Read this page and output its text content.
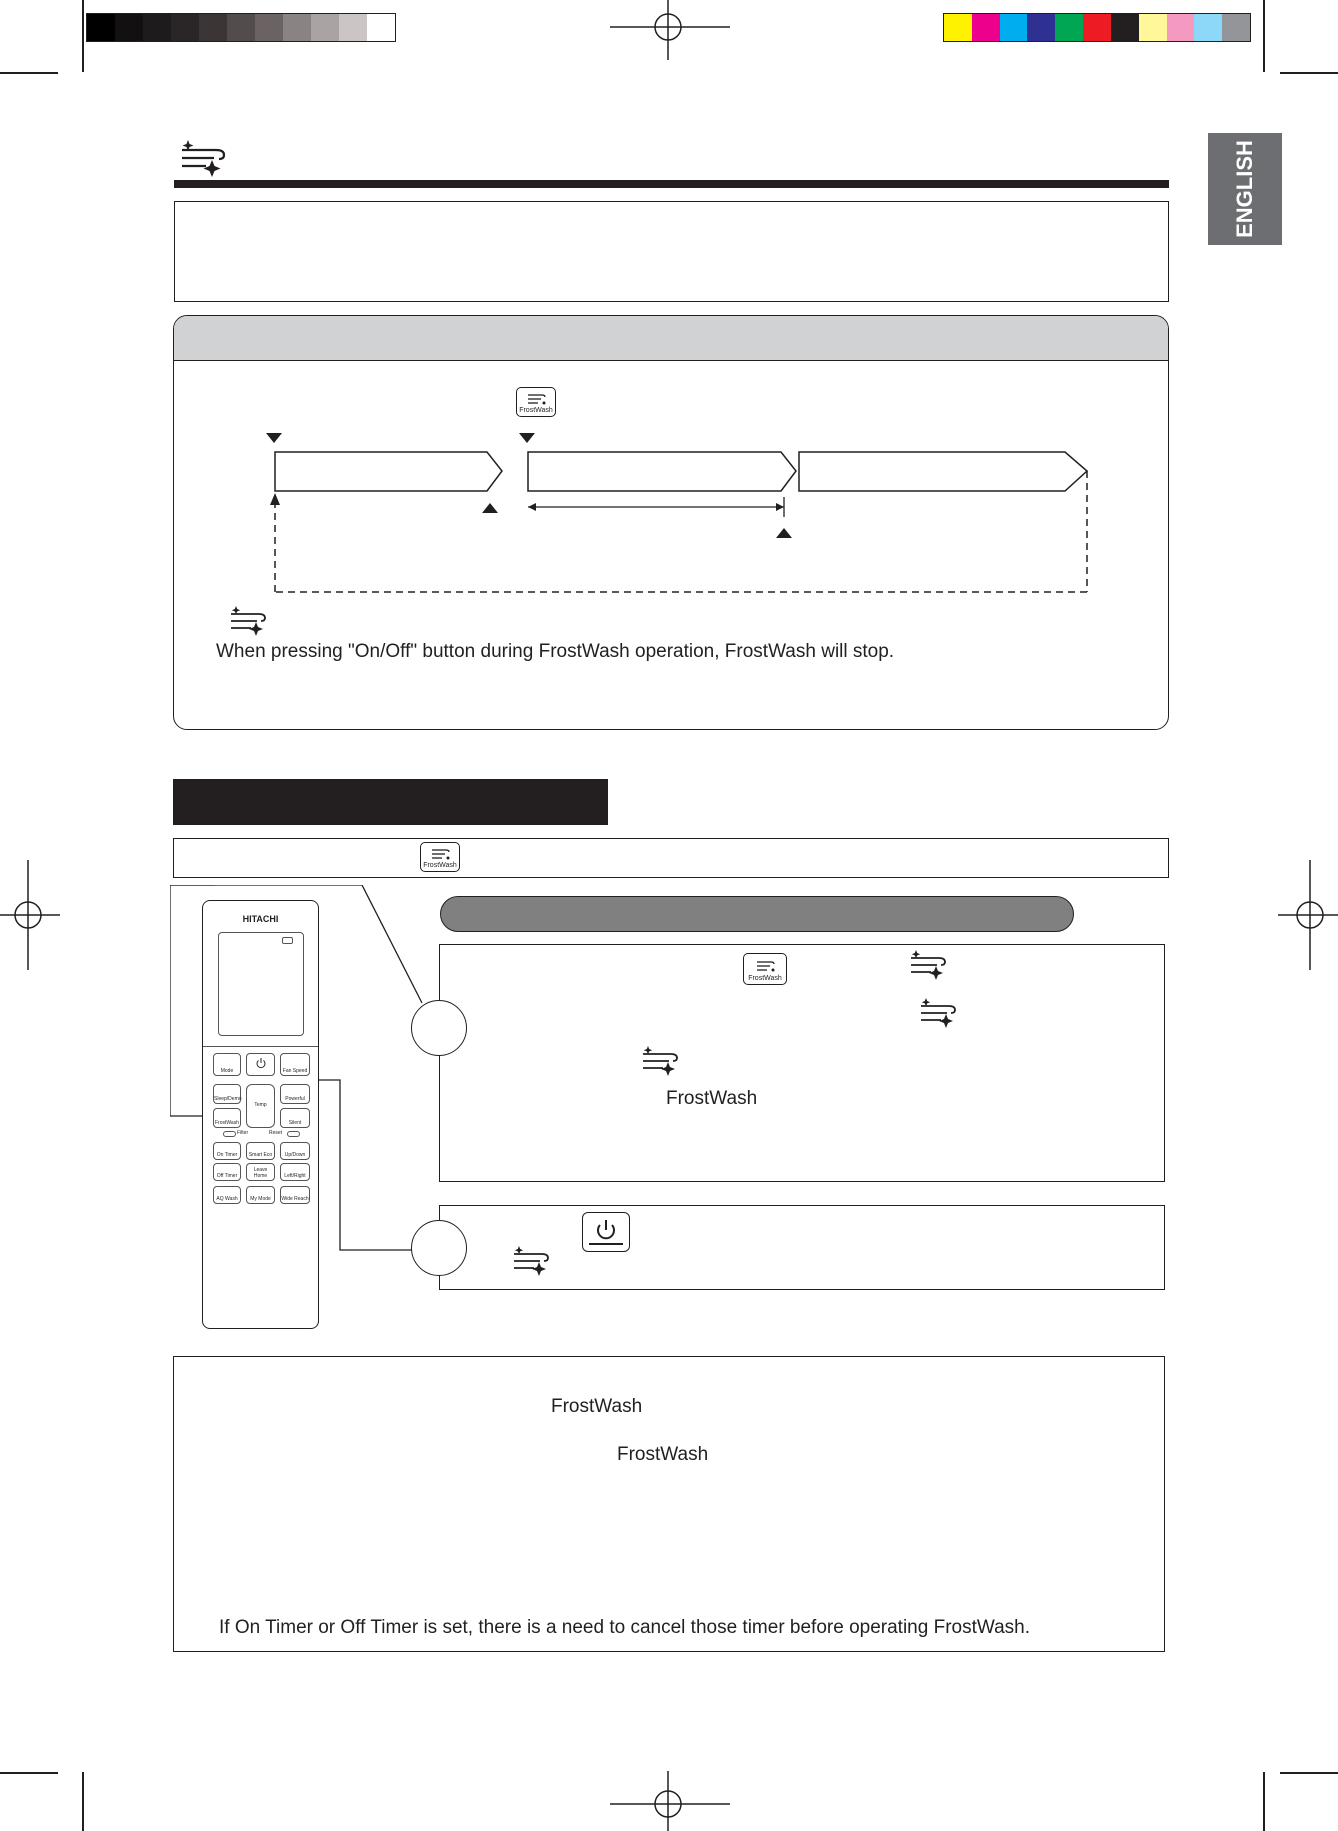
ENGLISH
FrostWash
When pressing "On/Off" button during FrostWash operation, FrostWash will stop.
FrostWash
HITACHI
Mode	Fan Speed
Sleep/Demo
Temp
Powerful
FrostWash	Silent
Filter	Reset
On Timer	Smart Eco	Up/Down
Off Timer
Leave Home	Left/Right
AQ Wash	My Mode	Wide Reach
FrostWash
FrostWash
FrostWash
FrostWash
If On Timer or Off Timer is set, there is a need to cancel those timer before operating FrostWash.
